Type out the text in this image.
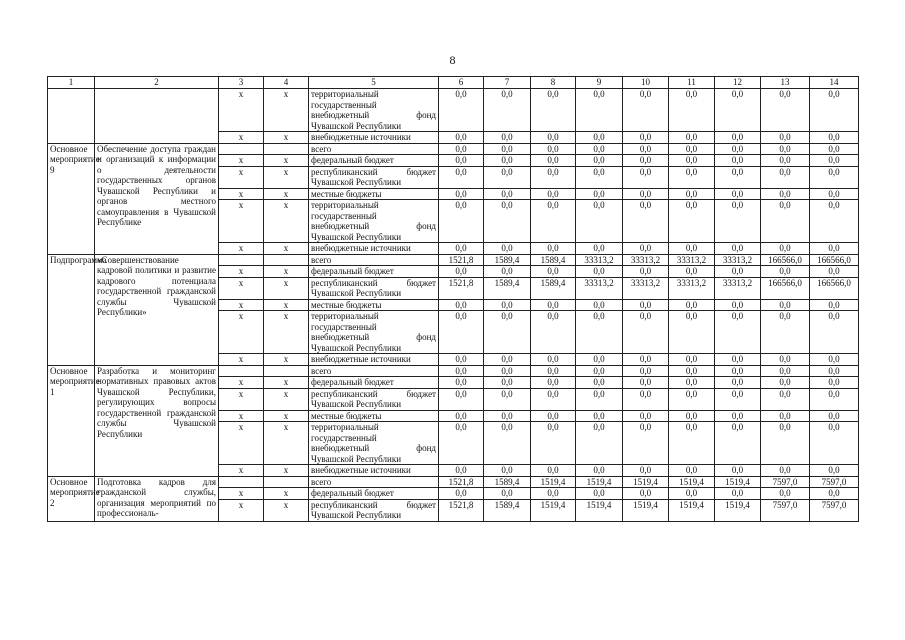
8
1	2	3	4	5	6	7	8	9	10	11	12	13	14
		x	x	территориальный государственный внебюджетный фонд Чувашской Республики	0,0	0,0	0,0	0,0	0,0	0,0	0,0	0,0	0,0
		x	x	внебюджетные источники	0,0	0,0	0,0	0,0	0,0	0,0	0,0	0,0	0,0
Основное мероприятие 9	Обеспечение доступа граждан и организаций к информации о деятельности государственных органов Чувашской Республики и органов местного самоуправления в Чувашской Республике			всего	0,0	0,0	0,0	0,0	0,0	0,0	0,0	0,0	0,0
		x	x	федеральный бюджет	0,0	0,0	0,0	0,0	0,0	0,0	0,0	0,0	0,0
		x	x	республиканский бюджет Чувашской Республики	0,0	0,0	0,0	0,0	0,0	0,0	0,0	0,0	0,0
		x	x	местные бюджеты	0,0	0,0	0,0	0,0	0,0	0,0	0,0	0,0	0,0
		x	x	территориальный государственный внебюджетный фонд Чувашской Республики	0,0	0,0	0,0	0,0	0,0	0,0	0,0	0,0	0,0
		x	x	внебюджетные источники	0,0	0,0	0,0	0,0	0,0	0,0	0,0	0,0	0,0
Подпрограмма	«Совершенствование кадровой политики и развитие кадрового потенциала государственной гражданской службы Чувашской Республики»			всего	1521,8	1589,4	1589,4	33313,2	33313,2	33313,2	33313,2	166566,0	166566,0
		x	x	федеральный бюджет	0,0	0,0	0,0	0,0	0,0	0,0	0,0	0,0	0,0
		x	x	республиканский бюджет Чувашской Республики	1521,8	1589,4	1589,4	33313,2	33313,2	33313,2	33313,2	166566,0	166566,0
		x	x	местные бюджеты	0,0	0,0	0,0	0,0	0,0	0,0	0,0	0,0	0,0
		x	x	территориальный государственный внебюджетный фонд Чувашской Республики	0,0	0,0	0,0	0,0	0,0	0,0	0,0	0,0	0,0
		x	x	внебюджетные источники	0,0	0,0	0,0	0,0	0,0	0,0	0,0	0,0	0,0
Основное мероприятие 1	Разработка и мониторинг нормативных правовых актов Чувашской Республики, регулирующих вопросы государственной гражданской службы Чувашской Республики			всего	0,0	0,0	0,0	0,0	0,0	0,0	0,0	0,0	0,0
		x	x	федеральный бюджет	0,0	0,0	0,0	0,0	0,0	0,0	0,0	0,0	0,0
		x	x	республиканский бюджет Чувашской Республики	0,0	0,0	0,0	0,0	0,0	0,0	0,0	0,0	0,0
		x	x	местные бюджеты	0,0	0,0	0,0	0,0	0,0	0,0	0,0	0,0	0,0
		x	x	территориальный государственный внебюджетный фонд Чувашской Республики	0,0	0,0	0,0	0,0	0,0	0,0	0,0	0,0	0,0
		x	x	внебюджетные источники	0,0	0,0	0,0	0,0	0,0	0,0	0,0	0,0	0,0
Основное мероприятие 2	Подготовка кадров для гражданской службы, организация мероприятий по профессиональ-			всего	1521,8	1589,4	1519,4	1519,4	1519,4	1519,4	1519,4	7597,0	7597,0
		x	x	федеральный бюджет	0,0	0,0	0,0	0,0	0,0	0,0	0,0	0,0	0,0
		x	x	республиканский бюджет Чувашской Республики	1521,8	1589,4	1519,4	1519,4	1519,4	1519,4	1519,4	7597,0	7597,0
